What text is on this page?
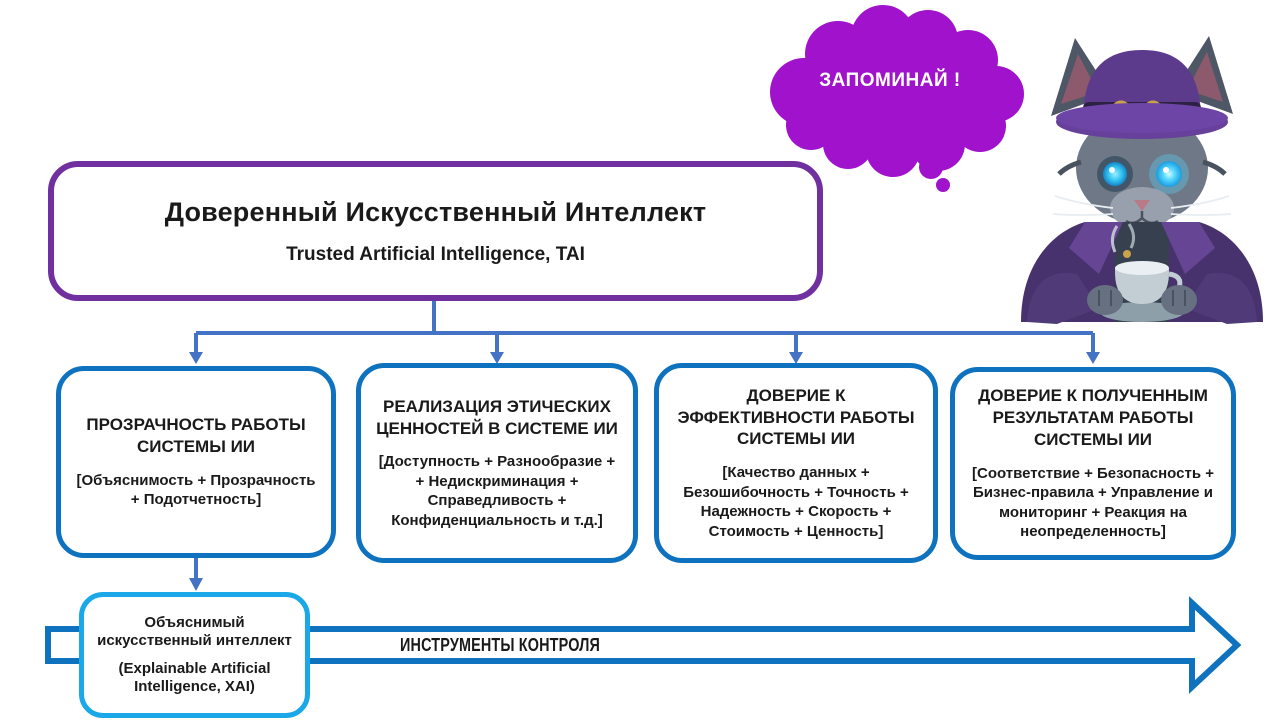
Доверенный Искусственный Интеллект
Trusted Artificial Intelligence, TAI
ЗАПОМИНАЙ !
ПРОЗРАЧНОСТЬ РАБОТЫ СИСТЕМЫ ИИ
[Объяснимость + Прозрачность + Подотчетность]
РЕАЛИЗАЦИЯ ЭТИЧЕСКИХ ЦЕННОСТЕЙ В СИСТЕМЕ ИИ
[Доступность + Разнообразие + + Недискриминация + Справедливость + Конфиденциальность и т.д.]
ДОВЕРИЕ К ЭФФЕКТИВНОСТИ РАБОТЫ СИСТЕМЫ ИИ
[Качество данных + Безошибочность + Точность + Надежность + Скорость + Стоимость + Ценность]
ДОВЕРИЕ К ПОЛУЧЕННЫМ РЕЗУЛЬТАТАМ РАБОТЫ СИСТЕМЫ ИИ
[Соответствие + Безопасность + Бизнес-правила + Управление и мониторинг + Реакция на неопределенность]
Объяснимый искусственный интеллект
(Explainable Artificial Intelligence, XAI)
ИНСТРУМЕНТЫ КОНТРОЛЯ
